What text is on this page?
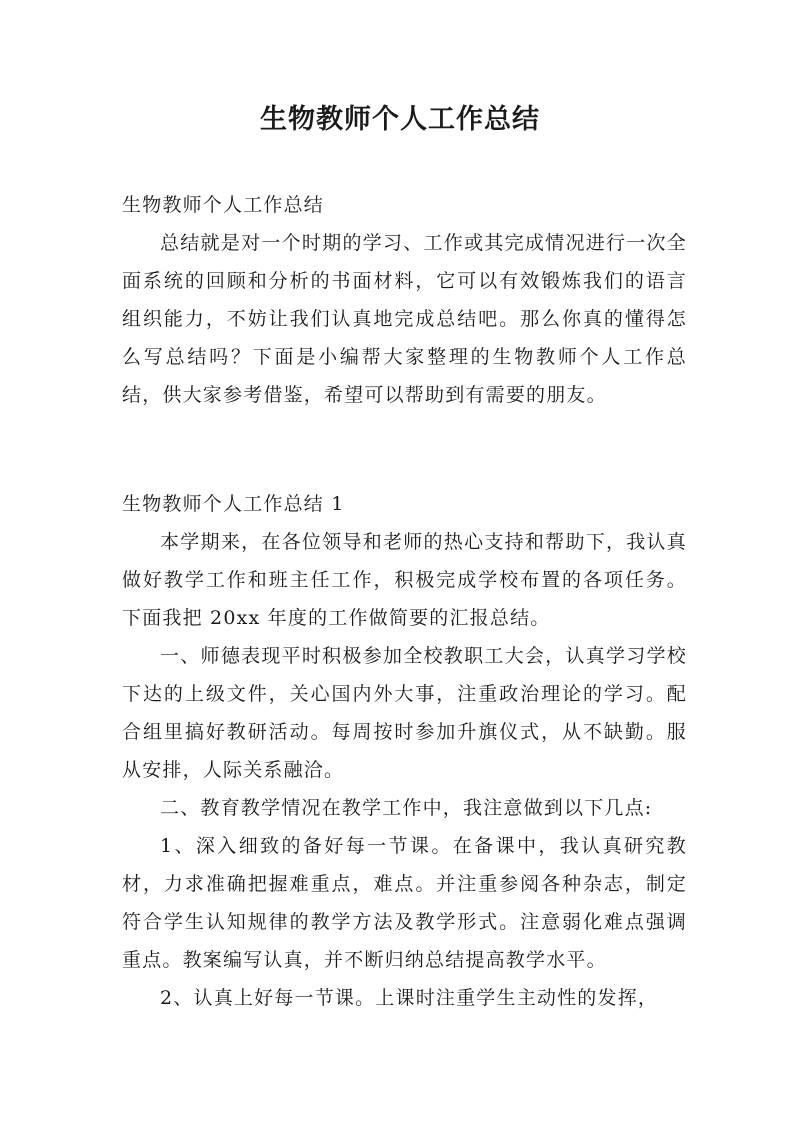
生物教师个人工作总结

生物教师个人工作总结

总结就是对一个时期的学习、工作或其完成情况进行一次全面系统的回顾和分析的书面材料，它可以有效锻炼我们的语言组织能力，不妨让我们认真地完成总结吧。那么你真的懂得怎么写总结吗？下面是小编帮大家整理的生物教师个人工作总结，供大家参考借鉴，希望可以帮助到有需要的朋友。

生物教师个人工作总结 1

本学期来，在各位领导和老师的热心支持和帮助下，我认真做好教学工作和班主任工作，积极完成学校布置的各项任务。下面我把 20xx 年度的工作做简要的汇报总结。

一、师德表现平时积极参加全校教职工大会，认真学习学校下达的上级文件，关心国内外大事，注重政治理论的学习。配合组里搞好教研活动。每周按时参加升旗仪式，从不缺勤。服从安排，人际关系融洽。

二、教育教学情况在教学工作中，我注意做到以下几点:

1、深入细致的备好每一节课。在备课中，我认真研究教材，力求准确把握难重点，难点。并注重参阅各种杂志，制定符合学生认知规律的教学方法及教学形式。注意弱化难点强调重点。教案编写认真，并不断归纳总结提高教学水平。

2、认真上好每一节课。上课时注重学生主动性的发挥，
